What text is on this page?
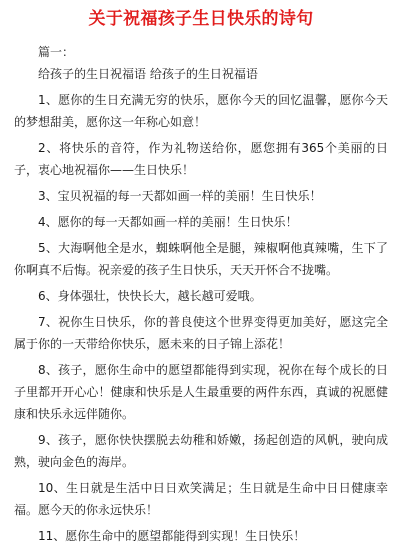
关于祝福孩子生日快乐的诗句
篇一：
给孩子的生日祝福语 给孩子的生日祝福语

1、愿你的生日充满无穷的快乐，愿你今天的回忆温馨，愿你今天的梦想甜美，愿你这一年称心如意！

2、将快乐的音符，作为礼物送给你，愿您拥有365个美丽的日子，衷心地祝福你——生日快乐！

3、宝贝祝福的每一天都如画一样的美丽！生日快乐！

4、愿你的每一天都如画一样的美丽！生日快乐！

5、大海啊他全是水，蜘蛛啊他全是腿，辣椒啊他真辣嘴，生下了你啊真不后悔。祝亲爱的孩子生日快乐，天天开怀合不拢嘴。

6、身体强壮，快快长大，越长越可爱哦。

7、祝你生日快乐，你的普良使这个世界变得更加美好，愿这完全属于你的一天带给你快乐，愿未来的日子锦上添花！

8、孩子，愿你生命中的愿望都能得到实现，祝你在每个成长的日子里都开开心心！健康和快乐是人生最重要的两件东西，真诚的祝愿健康和快乐永远伴随你。

9、孩子，愿你快快摆脱去幼稚和娇嫩，扬起创造的风帆，驶向成熟，驶向金色的海岸。

10、生日就是生活中日日欢笑满足；生日就是生命中日日健康幸福。愿今天的你永远快乐！

11、愿你生命中的愿望都能得到实现！生日快乐！
